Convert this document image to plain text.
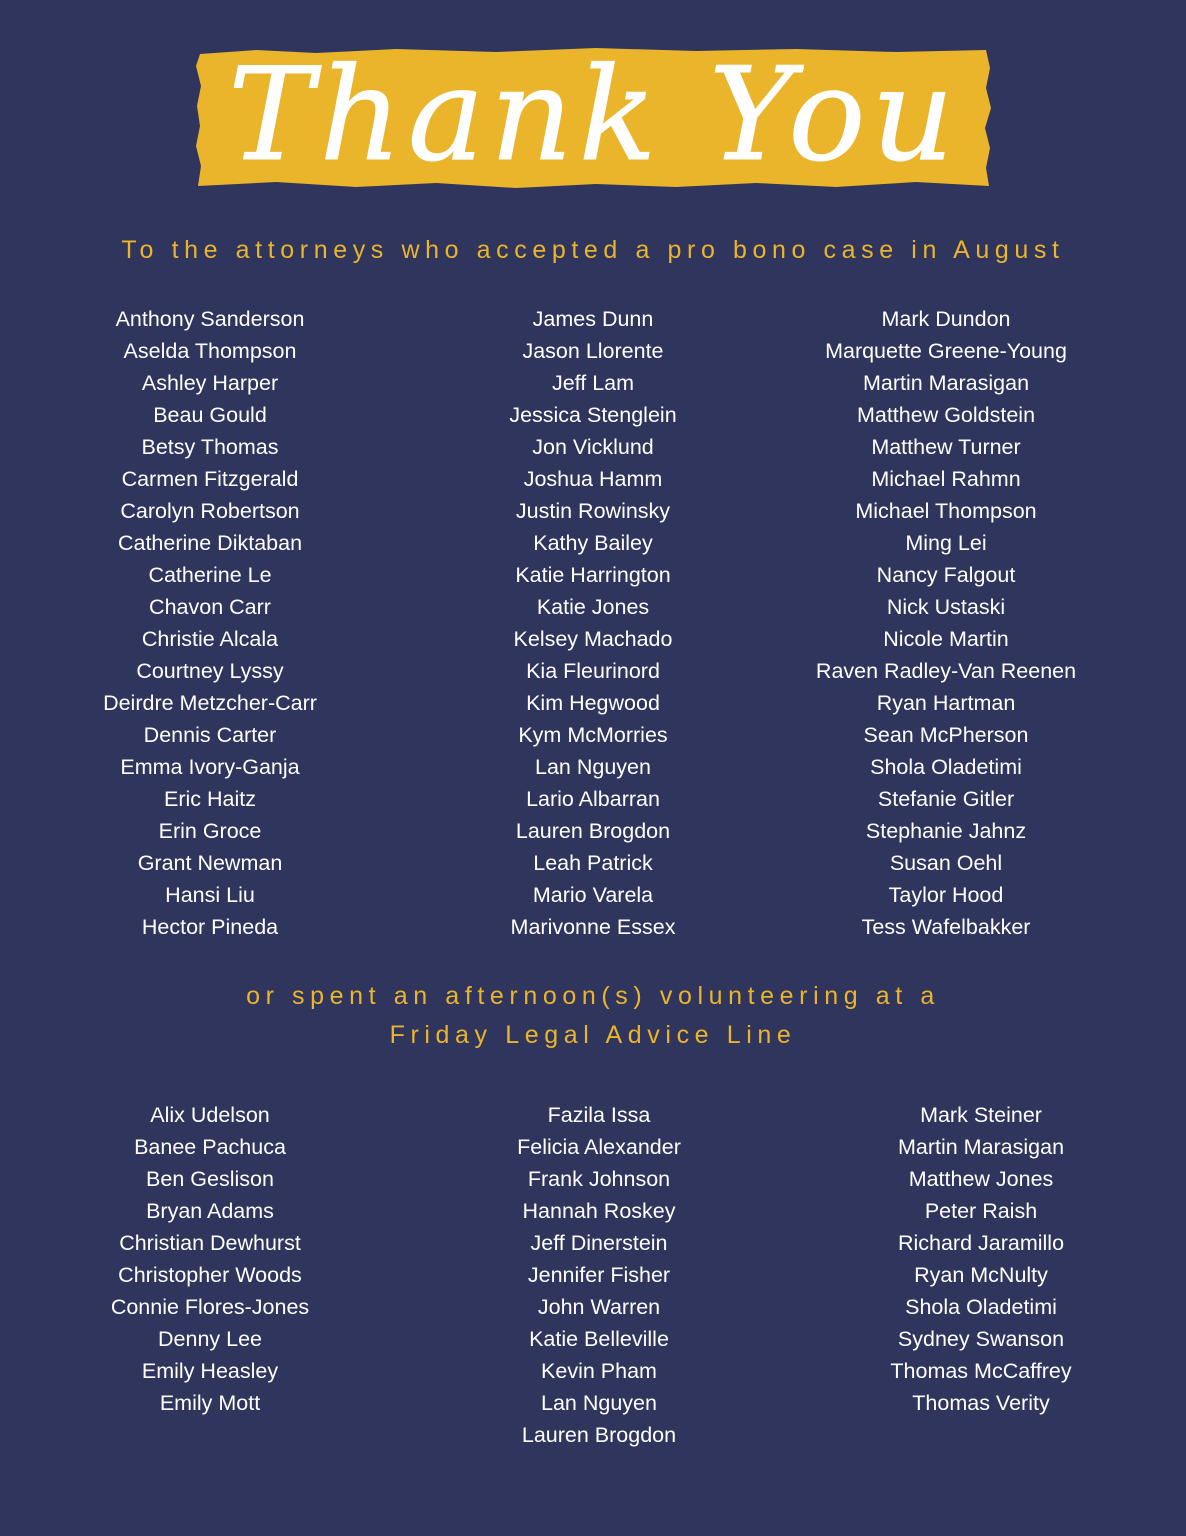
Thank You
To the attorneys who accepted a pro bono case in August
Anthony Sanderson
Aselda Thompson
Ashley Harper
Beau Gould
Betsy Thomas
Carmen Fitzgerald
Carolyn Robertson
Catherine Diktaban
Catherine Le
Chavon Carr
Christie Alcala
Courtney Lyssy
Deirdre Metzcher-Carr
Dennis Carter
Emma Ivory-Ganja
Eric Haitz
Erin Groce
Grant Newman
Hansi Liu
Hector Pineda
James Dunn
Jason Llorente
Jeff Lam
Jessica Stenglein
Jon Vicklund
Joshua Hamm
Justin Rowinsky
Kathy Bailey
Katie Harrington
Katie Jones
Kelsey Machado
Kia Fleurinord
Kim Hegwood
Kym McMorries
Lan Nguyen
Lario Albarran
Lauren Brogdon
Leah Patrick
Mario Varela
Marivonne Essex
Mark Dundon
Marquette Greene-Young
Martin Marasigan
Matthew Goldstein
Matthew Turner
Michael Rahmn
Michael Thompson
Ming Lei
Nancy Falgout
Nick Ustaski
Nicole Martin
Raven Radley-Van Reenen
Ryan Hartman
Sean McPherson
Shola Oladetimi
Stefanie Gitler
Stephanie Jahnz
Susan Oehl
Taylor Hood
Tess Wafelbakker
or spent an afternoon(s) volunteering at a
Friday Legal Advice Line
Alix Udelson
Banee Pachuca
Ben Geslison
Bryan Adams
Christian Dewhurst
Christopher Woods
Connie Flores-Jones
Denny Lee
Emily Heasley
Emily Mott
Fazila Issa
Felicia Alexander
Frank Johnson
Hannah Roskey
Jeff Dinerstein
Jennifer Fisher
John Warren
Katie Belleville
Kevin Pham
Lan Nguyen
Lauren Brogdon
Mark Steiner
Martin Marasigan
Matthew Jones
Peter Raish
Richard Jaramillo
Ryan McNulty
Shola Oladetimi
Sydney Swanson
Thomas McCaffrey
Thomas Verity
